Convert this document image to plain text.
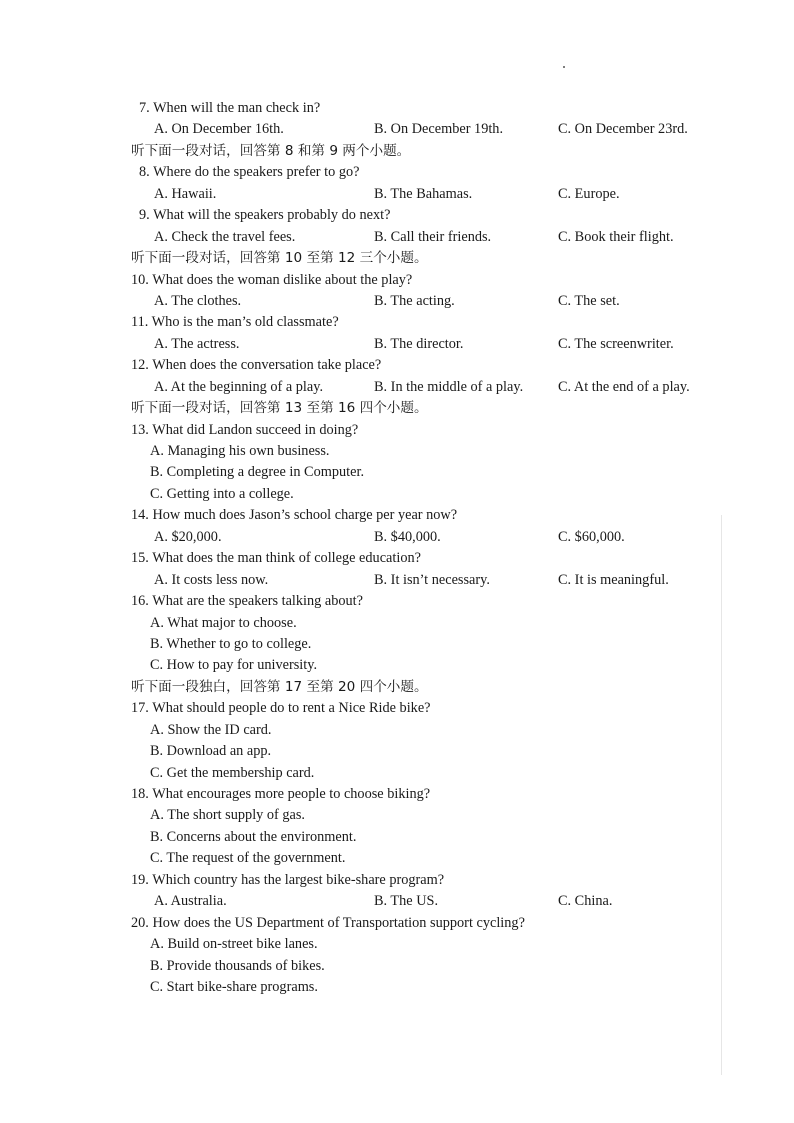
7. When will the man check in?
A. On December 16th.	B. On December 19th.	C. On December 23rd.
听下面一段对话，回答第 8 和第 9 两个小题。
8. Where do the speakers prefer to go?
A. Hawaii.	B. The Bahamas.	C. Europe.
9. What will the speakers probably do next?
A. Check the travel fees.	B. Call their friends.	C. Book their flight.
听下面一段对话，回答第 10 至第 12 三个小题。
10. What does the woman dislike about the play?
A. The clothes.	B. The acting.	C. The set.
11. Who is the man’s old classmate?
A. The actress.	B. The director.	C. The screenwriter.
12. When does the conversation take place?
A. At the beginning of a play.	B. In the middle of a play. C. At the end of a play.
听下面一段对话，回答第 13 至第 16 四个小题。
13. What did Landon succeed in doing?
A. Managing his own business.
B. Completing a degree in Computer.
C. Getting into a college.
14. How much does Jason’s school charge per year now?
A. $20,000.	B. $40,000.	C. $60,000.
15. What does the man think of college education?
A. It costs less now.	B. It isn’t necessary.	C. It is meaningful.
16. What are the speakers talking about?
A. What major to choose.
B. Whether to go to college.
C. How to pay for university.
听下面一段独白，回答第 17 至第 20 四个小题。
17. What should people do to rent a Nice Ride bike?
A. Show the ID card.
B. Download an app.
C. Get the membership card.
18. What encourages more people to choose biking?
A. The short supply of gas.
B. Concerns about the environment.
C. The request of the government.
19. Which country has the largest bike-share program?
A. Australia.	B. The US.	C. China.
20. How does the US Department of Transportation support cycling?
A. Build on-street bike lanes.
B. Provide thousands of bikes.
C. Start bike-share programs.
